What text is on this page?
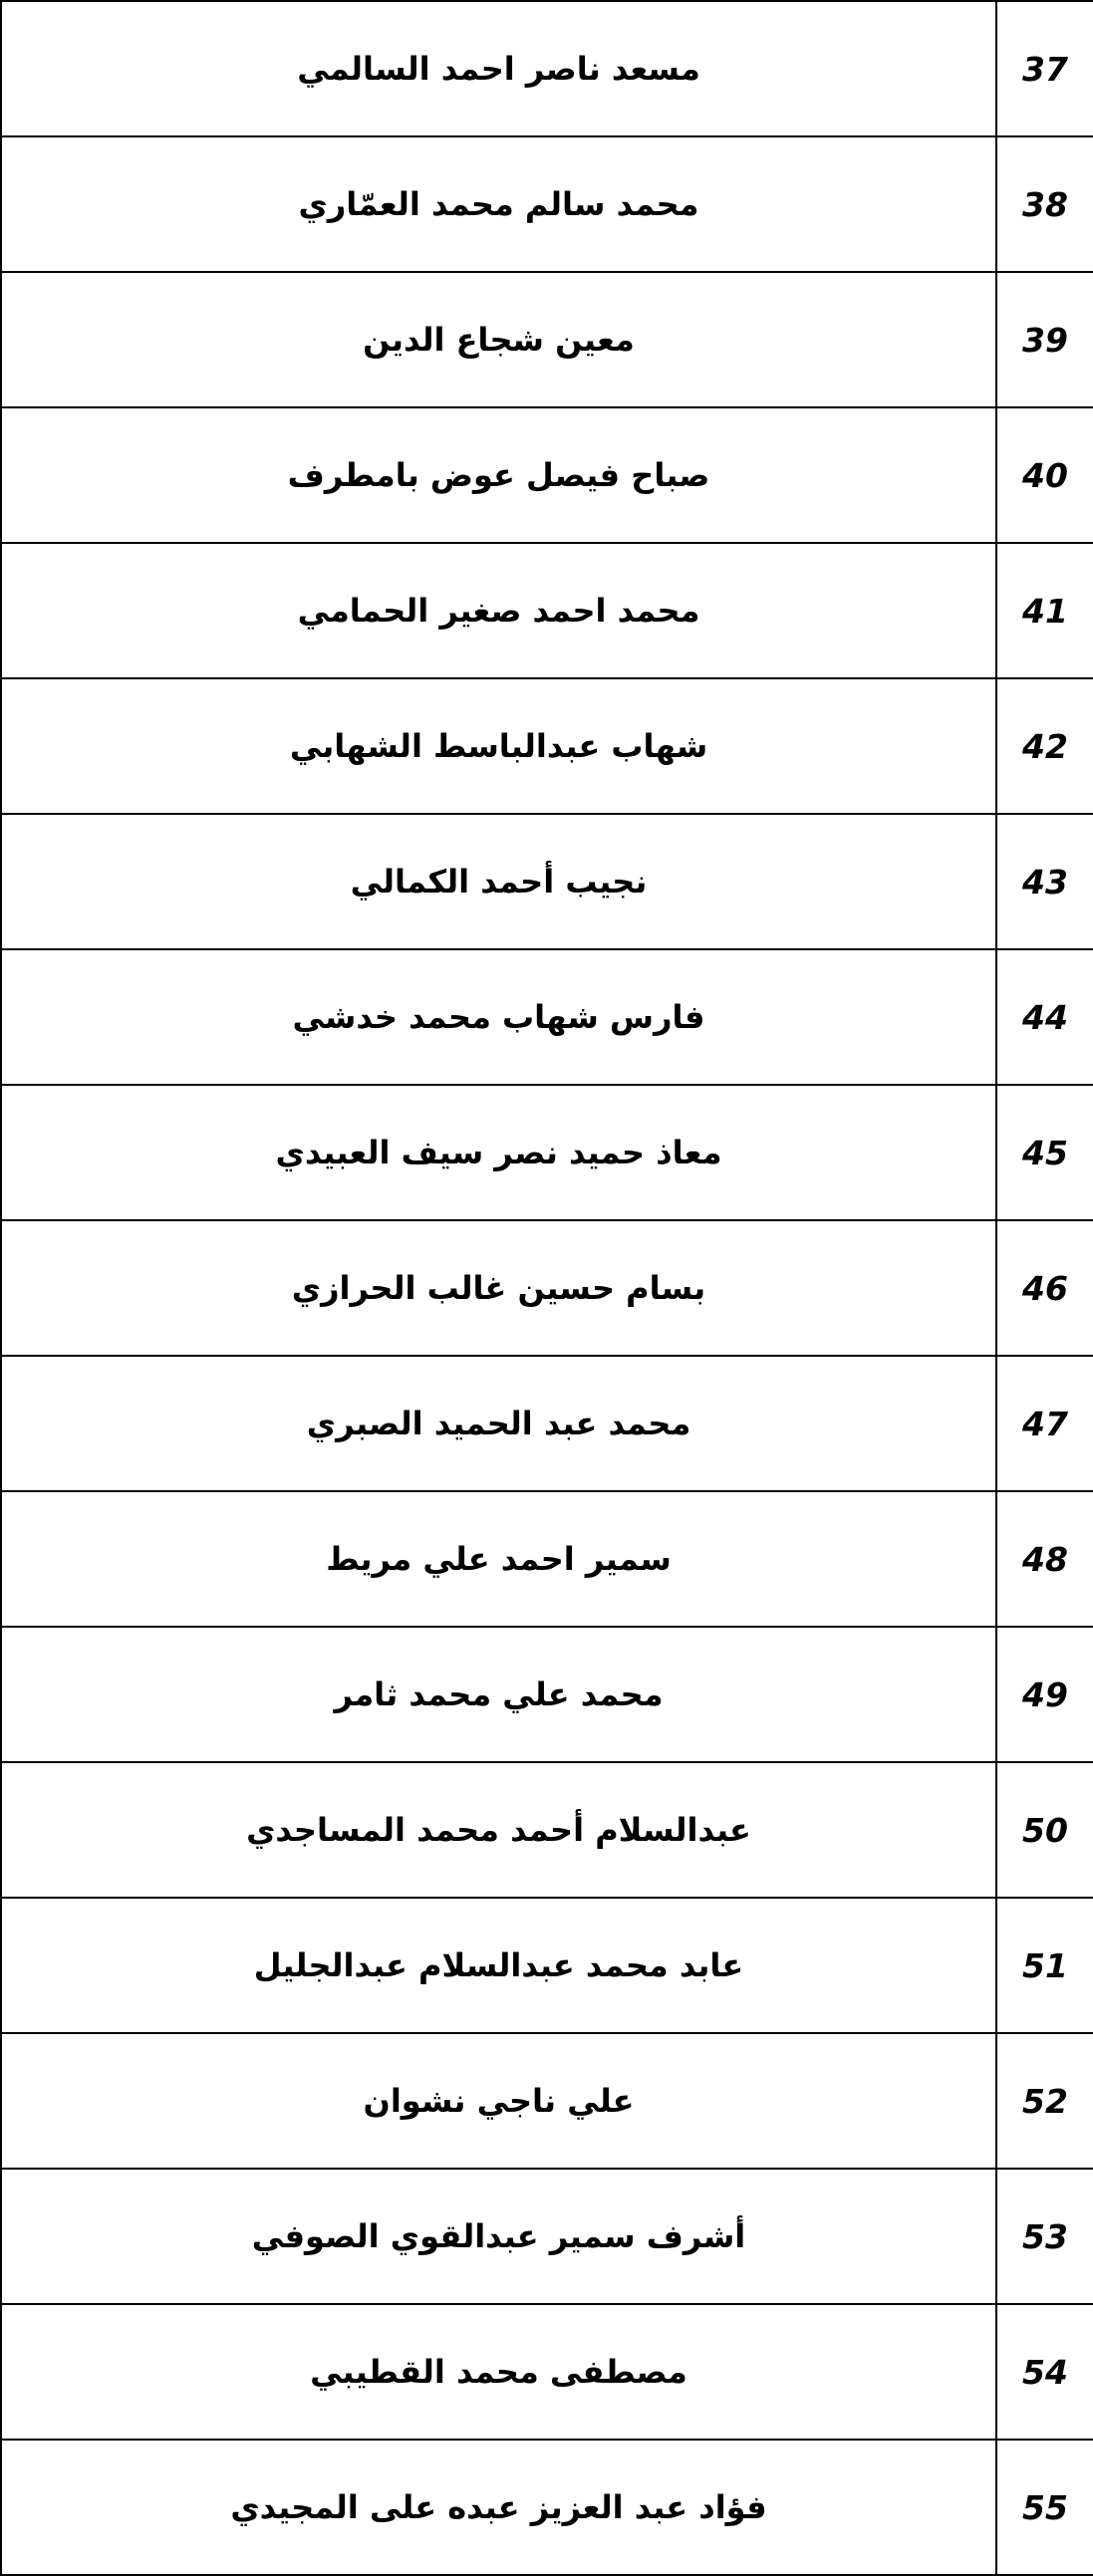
مسعد ناصر احمد السالمي	37
محمد سالم محمد العمّاري	38
معين شجاع الدين	39
صباح فيصل عوض بامطرف	40
محمد احمد صغير الحمامي	41
شهاب عبدالباسط الشهابي	42
نجيب أحمد الكمالي	43
فارس شهاب محمد خدشي	44
معاذ حميد نصر سيف العبيدي	45
بسام حسين غالب الحرازي	46
محمد عبد الحميد الصبري	47
سمير احمد علي مريط	48
محمد علي محمد ثامر	49
عبدالسلام أحمد محمد المساجدي	50
عابد محمد عبدالسلام عبدالجليل	51
علي ناجي نشوان	52
أشرف سمير عبدالقوي الصوفي	53
مصطفى محمد القطيبي	54
فؤاد عبد العزيز عبده على المجيدي	55
